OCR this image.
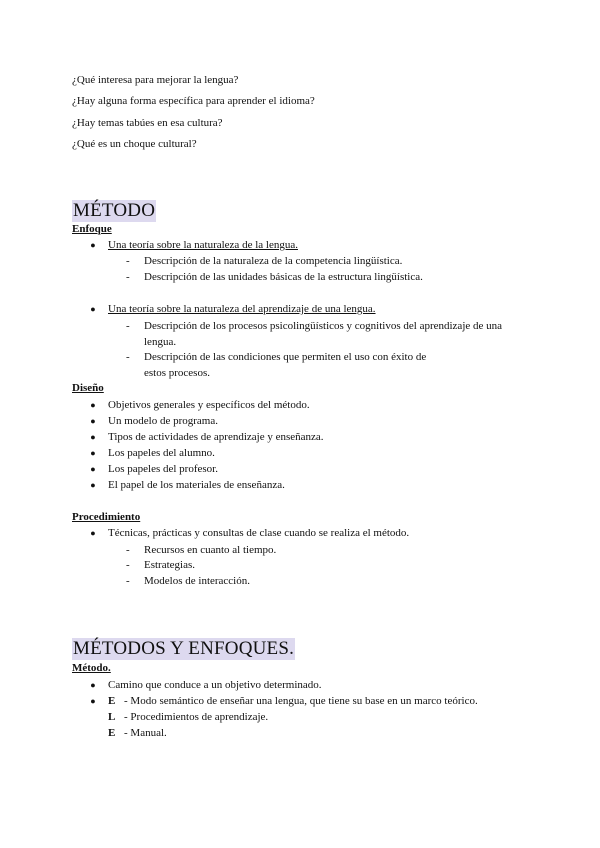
¿Qué interesa para mejorar la lengua?
¿Hay alguna forma específica para aprender el idioma?
¿Hay temas tabúes en esa cultura?
¿Qué es un choque cultural?
MÉTODO
Enfoque
● Una teoría sobre la naturaleza de la lengua.
- Descripción de la naturaleza de la competencia lingüística.
- Descripción de las unidades básicas de la estructura lingüística.
● Una teoría sobre la naturaleza del aprendizaje de una lengua.
- Descripción de los procesos psicolingüísticos y cognitivos del aprendizaje de una lengua.
- Descripción de las condiciones que permiten el uso con éxito de estos procesos.
Diseño
● Objetivos generales y específicos del método.
● Un modelo de programa.
● Tipos de actividades de aprendizaje y enseñanza.
● Los papeles del alumno.
● Los papeles del profesor.
● El papel de los materiales de enseñanza.
Procedimiento
● Técnicas, prácticas y consultas de clase cuando se realiza el método.
- Recursos en cuanto al tiempo.
- Estrategias.
- Modelos de interacción.
MÉTODOS Y ENFOQUES.
Método.
● Camino que conduce a un objetivo determinado.
● E - Modo semántico de enseñar una lengua, que tiene su base en un marco teórico.
L - Procedimientos de aprendizaje.
E - Manual.
